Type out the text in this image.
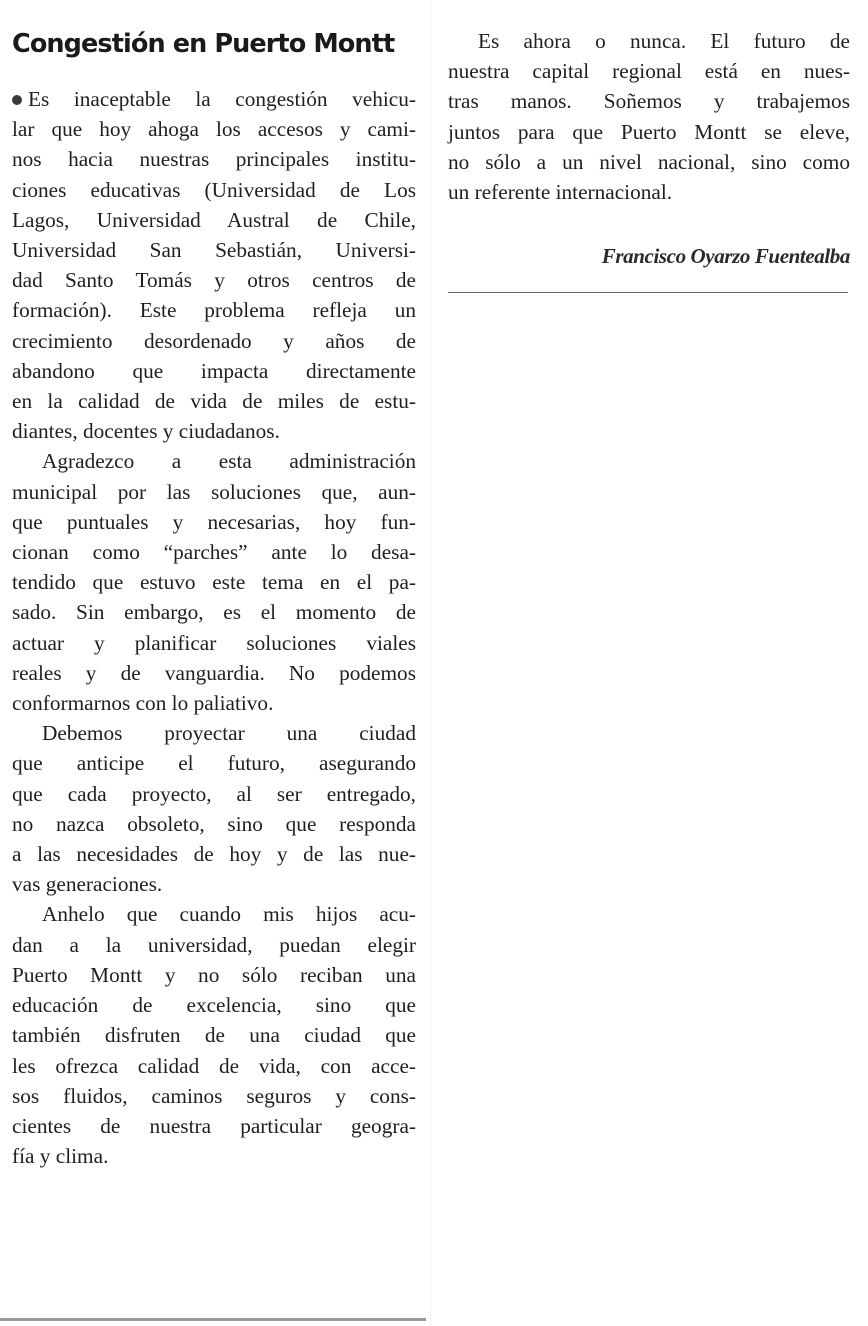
Congestión en Puerto Montt

Es inaceptable la congestión vehicu-
lar que hoy ahoga los accesos y cami-
nos hacia nuestras principales institu-
ciones educativas (Universidad de Los
Lagos, Universidad Austral de Chile,
Universidad San Sebastián, Universi-
dad Santo Tomás y otros centros de
formación). Este problema refleja un
crecimiento desordenado y años de
abandono que impacta directamente
en la calidad de vida de miles de estu-
diantes, docentes y ciudadanos.

Agradezco a esta administración
municipal por las soluciones que, aun-
que puntuales y necesarias, hoy fun-
cionan como “parches” ante lo desa-
tendido que estuvo este tema en el pa-
sado. Sin embargo, es el momento de
actuar y planificar soluciones viales
reales y de vanguardia. No podemos
conformarnos con lo paliativo.

Debemos proyectar una ciudad
que anticipe el futuro, asegurando
que cada proyecto, al ser entregado,
no nazca obsoleto, sino que responda
a las necesidades de hoy y de las nue-
vas generaciones.

Anhelo que cuando mis hijos acu-
dan a la universidad, puedan elegir
Puerto Montt y no sólo reciban una
educación de excelencia, sino que
también disfruten de una ciudad que
les ofrezca calidad de vida, con acce-
sos fluidos, caminos seguros y cons-
cientes de nuestra particular geogra-
fía y clima.

Es ahora o nunca. El futuro de
nuestra capital regional está en nues-
tras manos. Soñemos y trabajemos
juntos para que Puerto Montt se eleve,
no sólo a un nivel nacional, sino como
un referente internacional.

Francisco Oyarzo Fuentealba
